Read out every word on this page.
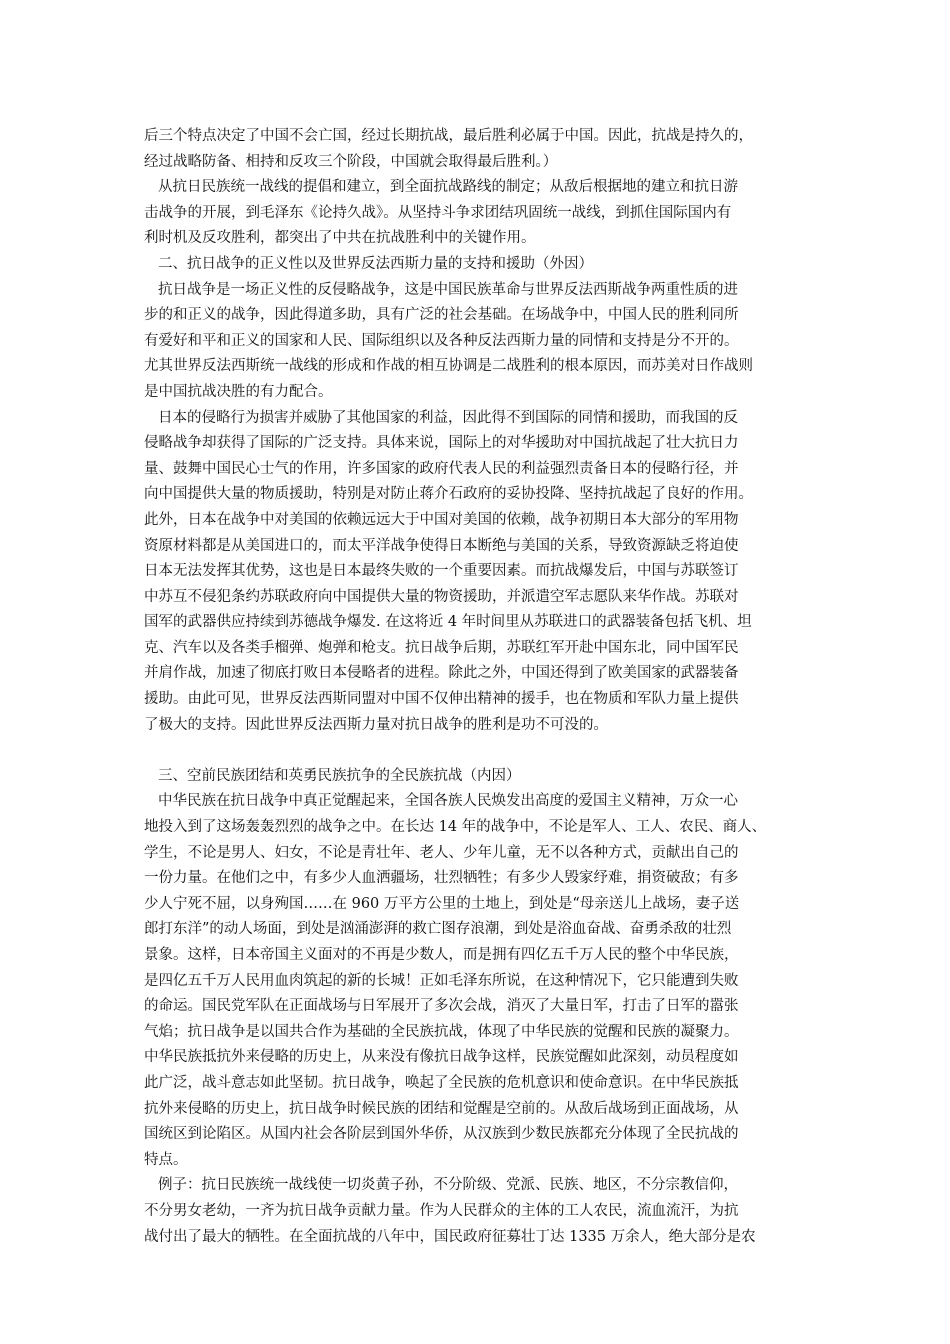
后三个特点决定了中国不会亡国，经过长期抗战，最后胜利必属于中国。因此，抗战是持久的，
经过战略防备、相持和反攻三个阶段，中国就会取得最后胜利。）
从抗日民族统一战线的提倡和建立，到全面抗战路线的制定；从敌后根据地的建立和抗日游
击战争的开展，到毛泽东《论持久战》。从坚持斗争求团结巩固统一战线，到抓住国际国内有
利时机及反攻胜利，都突出了中共在抗战胜利中的关键作用。
二、抗日战争的正义性以及世界反法西斯力量的支持和援助（外因）
抗日战争是一场正义性的反侵略战争，这是中国民族革命与世界反法西斯战争两重性质的进
步的和正义的战争，因此得道多助，具有广泛的社会基础。在场战争中，中国人民的胜利同所
有爱好和平和正义的国家和人民、国际组织以及各种反法西斯力量的同情和支持是分不开的。
尤其世界反法西斯统一战线的形成和作战的相互协调是二战胜利的根本原因，而苏美对日作战则
是中国抗战决胜的有力配合。
日本的侵略行为损害并威胁了其他国家的利益，因此得不到国际的同情和援助，而我国的反
侵略战争却获得了国际的广泛支持。具体来说，国际上的对华援助对中国抗战起了壮大抗日力
量、鼓舞中国民心士气的作用，许多国家的政府代表人民的利益强烈责备日本的侵略行径，并
向中国提供大量的物质援助，特别是对防止蒋介石政府的妥协投降、坚持抗战起了良好的作用。
此外，日本在战争中对美国的依赖远远大于中国对美国的依赖，战争初期日本大部分的军用物
资原材料都是从美国进口的，而太平洋战争使得日本断绝与美国的关系，导致资源缺乏将迫使
日本无法发挥其优势，这也是日本最终失败的一个重要因素。而抗战爆发后，中国与苏联签订
中苏互不侵犯条约苏联政府向中国提供大量的物资援助，并派遣空军志愿队来华作战。苏联对
国军的武器供应持续到苏德战争爆发. 在这将近 4 年时间里从苏联进口的武器装备包括飞机、坦
克、汽车以及各类手榴弹、炮弹和枪支。抗日战争后期，苏联红军开赴中国东北，同中国军民
并肩作战，加速了彻底打败日本侵略者的进程。除此之外，中国还得到了欧美国家的武器装备
援助。由此可见，世界反法西斯同盟对中国不仅伸出精神的援手，也在物质和军队力量上提供
了极大的支持。因此世界反法西斯力量对抗日战争的胜利是功不可没的。
三、空前民族团结和英勇民族抗争的全民族抗战（内因）
中华民族在抗日战争中真正觉醒起来，全国各族人民焕发出高度的爱国主义精神，万众一心
地投入到了这场轰轰烈烈的战争之中。在长达 14 年的战争中，不论是军人、工人、农民、商人、
学生，不论是男人、妇女，不论是青壮年、老人、少年儿童，无不以各种方式，贡献出自己的
一份力量。在他们之中，有多少人血洒疆场，壮烈牺牲；有多少人毁家纾难，捐资破敌；有多
少人宁死不屈，以身殉国……在 960 万平方公里的土地上，到处是“母亲送儿上战场，妻子送
郎打东洋”的动人场面，到处是汹涌澎湃的救亡图存浪潮，到处是浴血奋战、奋勇杀敌的壮烈
景象。这样，日本帝国主义面对的不再是少数人，而是拥有四亿五千万人民的整个中华民族，
是四亿五千万人民用血肉筑起的新的长城！正如毛泽东所说，在这种情况下，它只能遭到失败
的命运。国民党军队在正面战场与日军展开了多次会战，消灭了大量日军，打击了日军的嚣张
气焰；抗日战争是以国共合作为基础的全民族抗战，体现了中华民族的觉醒和民族的凝聚力。
中华民族抵抗外来侵略的历史上，从来没有像抗日战争这样，民族觉醒如此深刻，动员程度如
此广泛，战斗意志如此坚韧。抗日战争，唤起了全民族的危机意识和使命意识。在中华民族抵
抗外来侵略的历史上，抗日战争时候民族的团结和觉醒是空前的。从敌后战场到正面战场，从
国统区到论陷区。从国内社会各阶层到国外华侨，从汉族到少数民族都充分体现了全民抗战的
特点。
例子：抗日民族统一战线使一切炎黄子孙，不分阶级、党派、民族、地区，不分宗教信仰，
不分男女老幼，一齐为抗日战争贡献力量。作为人民群众的主体的工人农民，流血流汗，为抗
战付出了最大的牺牲。在全面抗战的八年中，国民政府征募壮丁达 1335 万余人，绝大部分是农
